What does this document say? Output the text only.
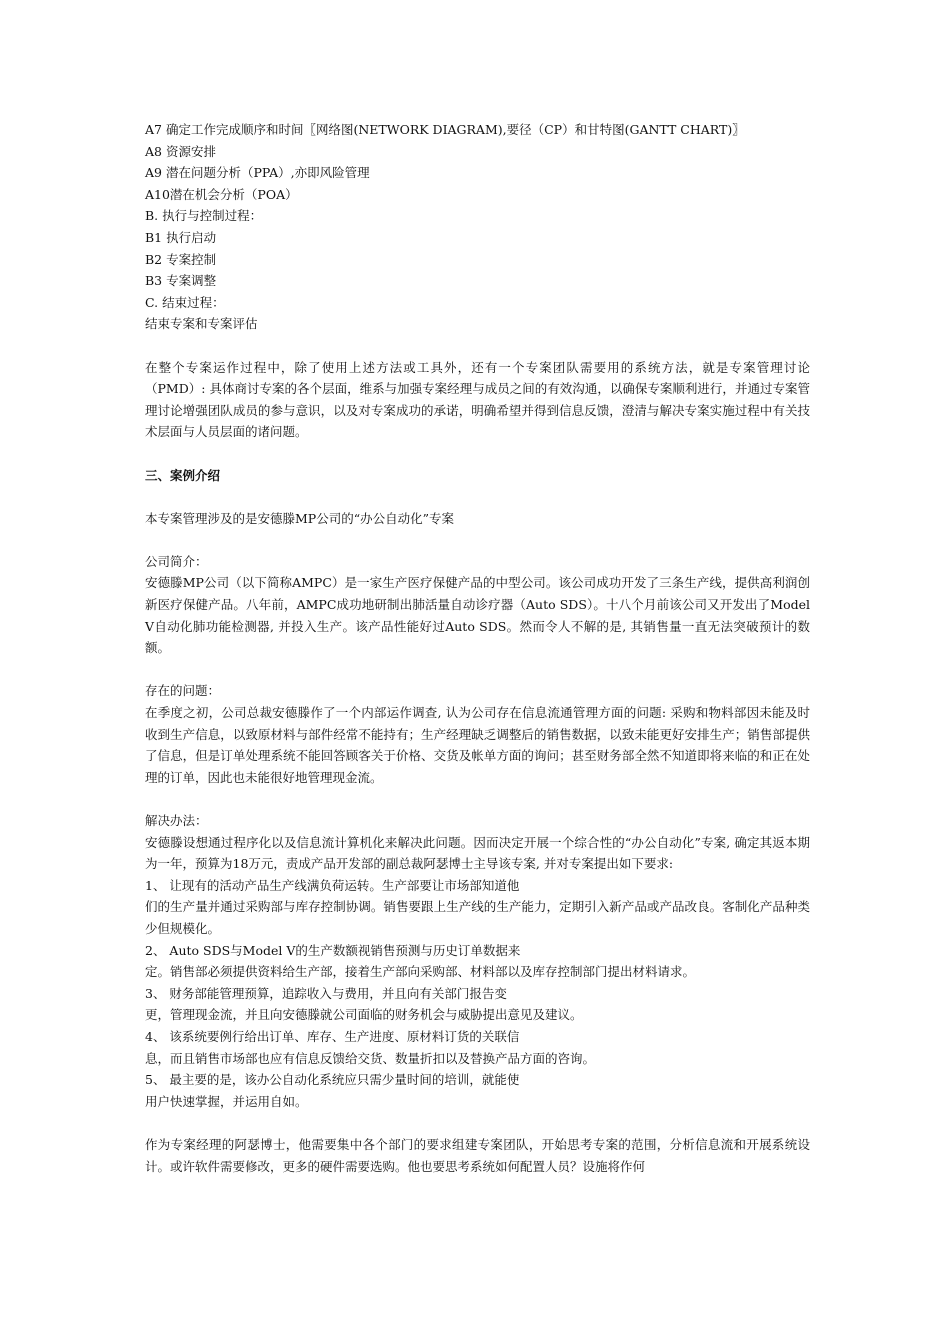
A7 确定工作完成顺序和时间〖网络图(NETWORK DIAGRAM),要径（CP）和甘特图(GANTT CHART)〗
A8 资源安排
A9 潜在问题分析（PPA）,亦即风险管理
A10潜在机会分析（POA）
B. 执行与控制过程：
B1 执行启动
B2 专案控制
B3 专案调整
C. 结束过程：
结束专案和专案评估
在整个专案运作过程中，除了使用上述方法或工具外，还有一个专案团队需要用的系统方法，就是专案管理讨论（PMD）: 具体商讨专案的各个层面，维系与加强专案经理与成员之间的有效沟通，以确保专案顺利进行，并通过专案管理讨论增强团队成员的参与意识，以及对专案成功的承诺，明确希望并得到信息反馈，澄清与解决专案实施过程中有关技术层面与人员层面的诸问题。
三、案例介绍
本专案管理涉及的是安德滕MP公司的“办公自动化”专案
公司简介：
安德滕MP公司（以下简称AMPC）是一家生产医疗保健产品的中型公司。该公司成功开发了三条生产线，提供高利润创新医疗保健产品。八年前，AMPC成功地研制出肺活量自动诊疗器（Auto SDS）。十八个月前该公司又开发出了Model V自动化肺功能检测器, 并投入生产。该产品性能好过Auto SDS。然而令人不解的是, 其销售量一直无法突破预计的数额。
存在的问题：
在季度之初，公司总裁安德滕作了一个内部运作调查, 认为公司存在信息流通管理方面的问题: 采购和物料部因未能及时收到生产信息，以致原材料与部件经常不能持有；生产经理缺乏调整后的销售数据，以致未能更好安排生产；销售部提供了信息，但是订单处理系统不能回答顾客关于价格、交货及帐单方面的询问；甚至财务部全然不知道即将来临的和正在处理的订单，因此也未能很好地管理现金流。
解决办法：
安德滕设想通过程序化以及信息流计算机化来解决此问题。因而决定开展一个综合性的“办公自动化”专案, 确定其返本期为一年，预算为18万元，责成产品开发部的副总裁阿瑟博士主导该专案, 并对专案提出如下要求:
1、 让现有的活动产品生产线满负荷运转。生产部要让市场部知道他
们的生产量并通过采购部与库存控制协调。销售要跟上生产线的生产能力，定期引入新产品或产品改良。客制化产品种类少但规模化。
2、 Auto SDS与Model V的生产数额视销售预测与历史订单数据来
定。销售部必须提供资料给生产部，接着生产部向采购部、材料部以及库存控制部门提出材料请求。
3、 财务部能管理预算，追踪收入与费用，并且向有关部门报告变
更，管理现金流，并且向安德滕就公司面临的财务机会与威胁提出意见及建议。
4、 该系统要例行给出订单、库存、生产进度、原材料订货的关联信
息，而且销售市场部也应有信息反馈给交货、数量折扣以及替换产品方面的咨询。
5、 最主要的是，该办公自动化系统应只需少量时间的培训，就能使
用户快速掌握，并运用自如。
作为专案经理的阿瑟博士，他需要集中各个部门的要求组建专案团队，开始思考专案的范围，分析信息流和开展系统设计。或许软件需要修改，更多的硬件需要选购。他也要思考系统如何配置人员？设施将作何
